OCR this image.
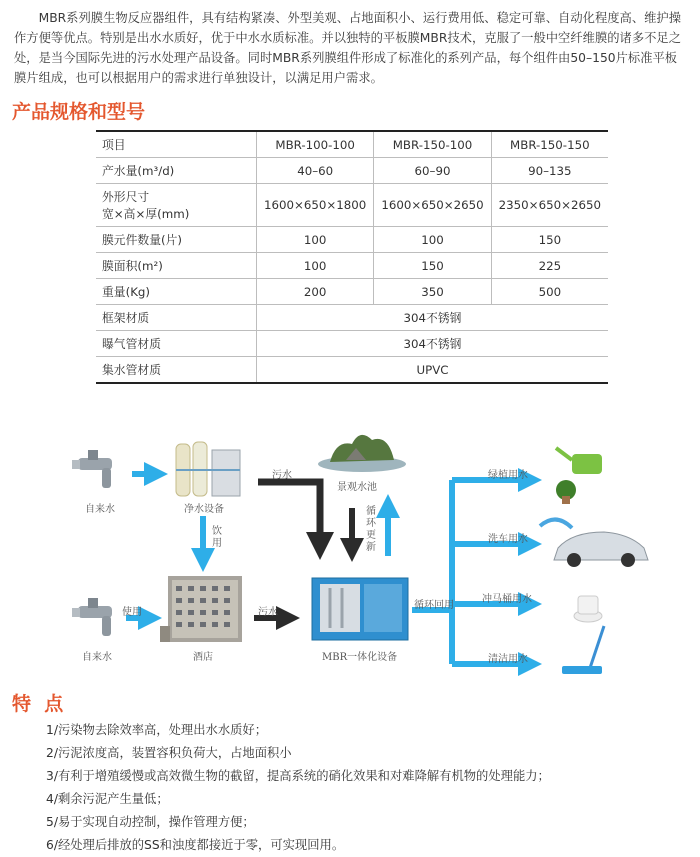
MBR系列膜生物反应器组件，具有结构紧凑、外型美观、占地面积小、运行费用低、稳定可靠、自动化程度高、维护操作方便等优点。特别是出水水质好，优于中水水质标准。并以独特的平板膜MBR技术，克服了一般中空纤维膜的诸多不足之处，是当今国际先进的污水处理产品设备。同时MBR系列膜组件形成了标准化的系列产品，每个组件由50–150片标准平板膜片组成，也可以根据用户的需求进行单独设计，以满足用户需求。

产品规格和型号
项目	MBR-100-100	MBR-150-100	MBR-150-150
产水量(m³/d)	40–60	60–90	90–135
外形尺寸
宽×高×厚(mm)	1600×650×1800	1600×650×2650	2350×650×2650
膜元件数量(片)	100	100	150
膜面积(m²)	100	150	225
重量(Kg)	200	350	500
框架材质	304不锈钢		
曝气管材质	304不锈钢		
集水管材质	UPVC		
自来水	净水设备
污水
景观水池
循
环
更
新
饮
用
使用
自来水	酒店
污水
MBR一体化设备
循环回用
绿植用水
洗车用水
冲马桶用水
清洁用水
特  点
1/污染物去除效率高，处理出水水质好；
2/污泥浓度高，装置容积负荷大，占地面积小
3/有利于增殖缓慢或高效微生物的截留，提高系统的硝化效果和对难降解有机物的处理能力；
4/剩余污泥产生量低；
5/易于实现自动控制，操作管理方便；
6/经处理后排放的SS和浊度都接近于零，可实现回用。
